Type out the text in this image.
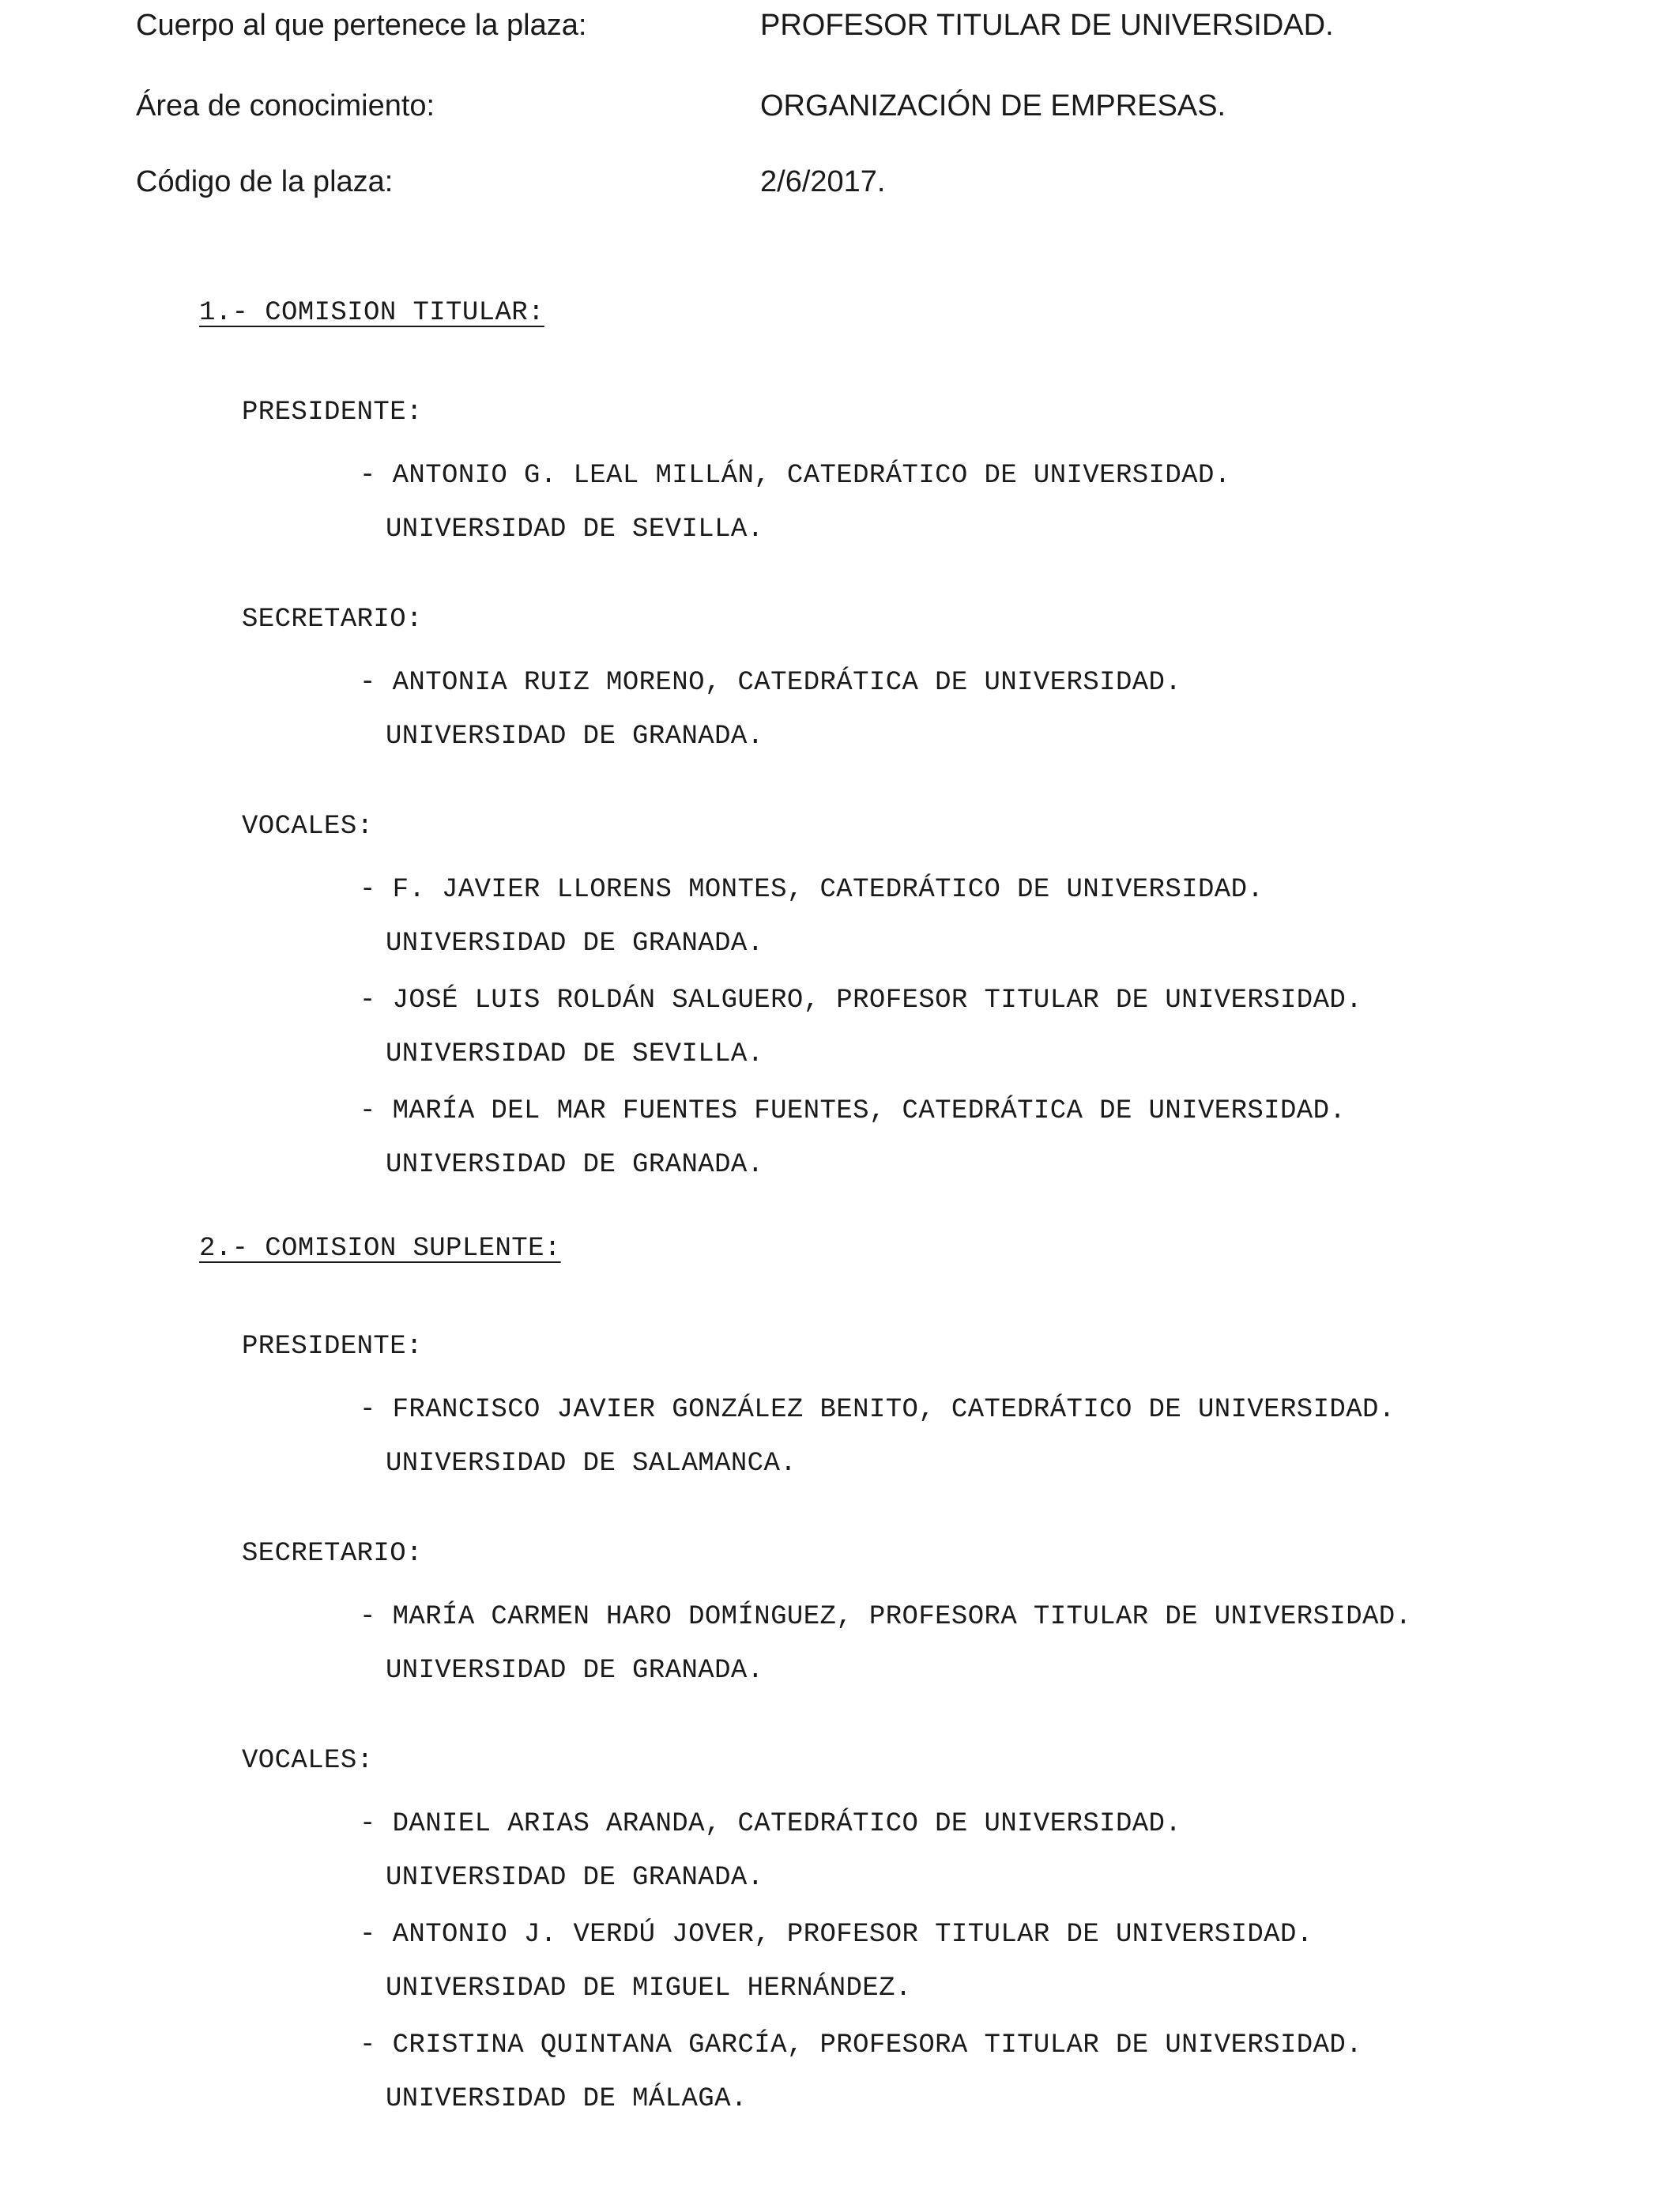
Cuerpo al que pertenece la plaza:	PROFESOR TITULAR DE UNIVERSIDAD.
Área de conocimiento:	ORGANIZACIÓN DE EMPRESAS.
Código de la plaza:	2/6/2017.
1.- COMISION TITULAR:
PRESIDENTE:
- ANTONIO G. LEAL MILLÁN, CATEDRÁTICO DE UNIVERSIDAD.
UNIVERSIDAD DE SEVILLA.
SECRETARIO:
- ANTONIA RUIZ MORENO, CATEDRÁTICA DE UNIVERSIDAD.
UNIVERSIDAD DE GRANADA.
VOCALES:
- F. JAVIER LLORENS MONTES, CATEDRÁTICO DE UNIVERSIDAD.
UNIVERSIDAD DE GRANADA.
- JOSÉ LUIS ROLDÁN SALGUERO, PROFESOR TITULAR DE UNIVERSIDAD.
UNIVERSIDAD DE SEVILLA.
- MARÍA DEL MAR FUENTES FUENTES, CATEDRÁTICA DE UNIVERSIDAD.
UNIVERSIDAD DE GRANADA.
2.- COMISION SUPLENTE:
PRESIDENTE:
- FRANCISCO JAVIER GONZÁLEZ BENITO, CATEDRÁTICO DE UNIVERSIDAD.
UNIVERSIDAD DE SALAMANCA.
SECRETARIO:
- MARÍA CARMEN HARO DOMÍNGUEZ, PROFESORA TITULAR DE UNIVERSIDAD.
UNIVERSIDAD DE GRANADA.
VOCALES:
- DANIEL ARIAS ARANDA, CATEDRÁTICO DE UNIVERSIDAD.
UNIVERSIDAD DE GRANADA.
- ANTONIO J. VERDÚ JOVER, PROFESOR TITULAR DE UNIVERSIDAD.
UNIVERSIDAD DE MIGUEL HERNÁNDEZ.
- CRISTINA QUINTANA GARCÍA, PROFESORA TITULAR DE UNIVERSIDAD.
UNIVERSIDAD DE MÁLAGA.
